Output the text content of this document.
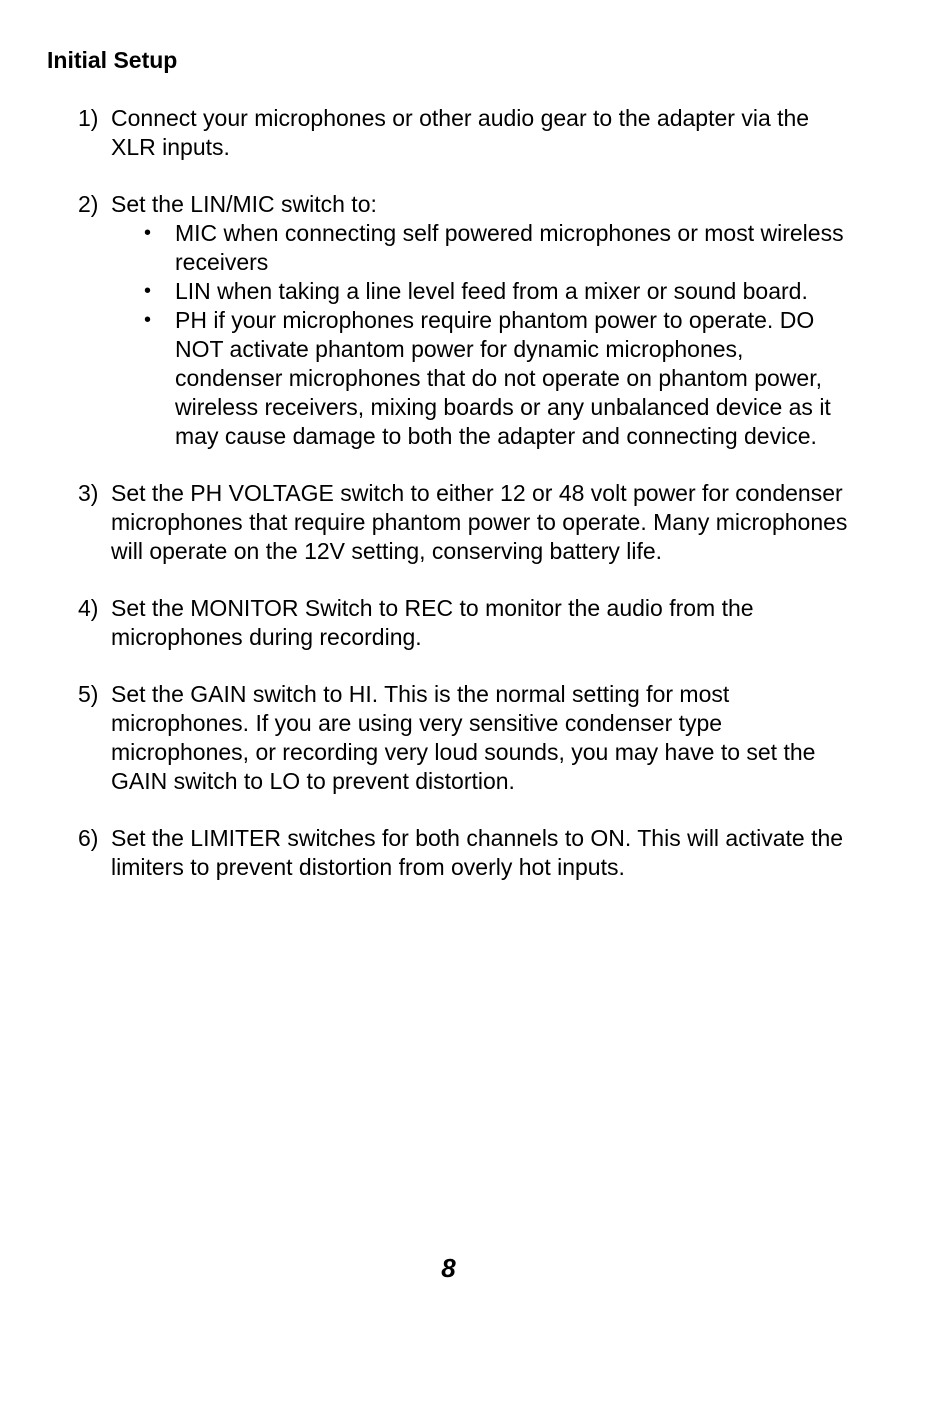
Initial Setup
1) Connect your microphones or other audio gear to the adapter via the XLR inputs.
2) Set the LIN/MIC switch to:
• MIC when connecting self powered microphones or most wireless receivers
• LIN when taking a line level feed from a mixer or sound board.
• PH if your microphones require phantom power to operate. DO NOT activate phantom power for dynamic microphones, condenser microphones that do not operate on phantom power, wireless receivers, mixing boards or any unbalanced device as it may cause damage to both the adapter and connecting device.
3) Set the PH VOLTAGE switch to either 12 or 48 volt power for condenser microphones that require phantom power to operate. Many microphones will operate on the 12V setting, conserving battery life.
4) Set the MONITOR Switch to REC to monitor the audio from the microphones during recording.
5) Set the GAIN switch to HI. This is the normal setting for most microphones. If you are using very sensitive condenser type microphones, or recording very loud sounds, you may have to set the GAIN switch to LO to prevent distortion.
6) Set the LIMITER switches for both channels to ON. This will activate the limiters to prevent distortion from overly hot inputs.
8
